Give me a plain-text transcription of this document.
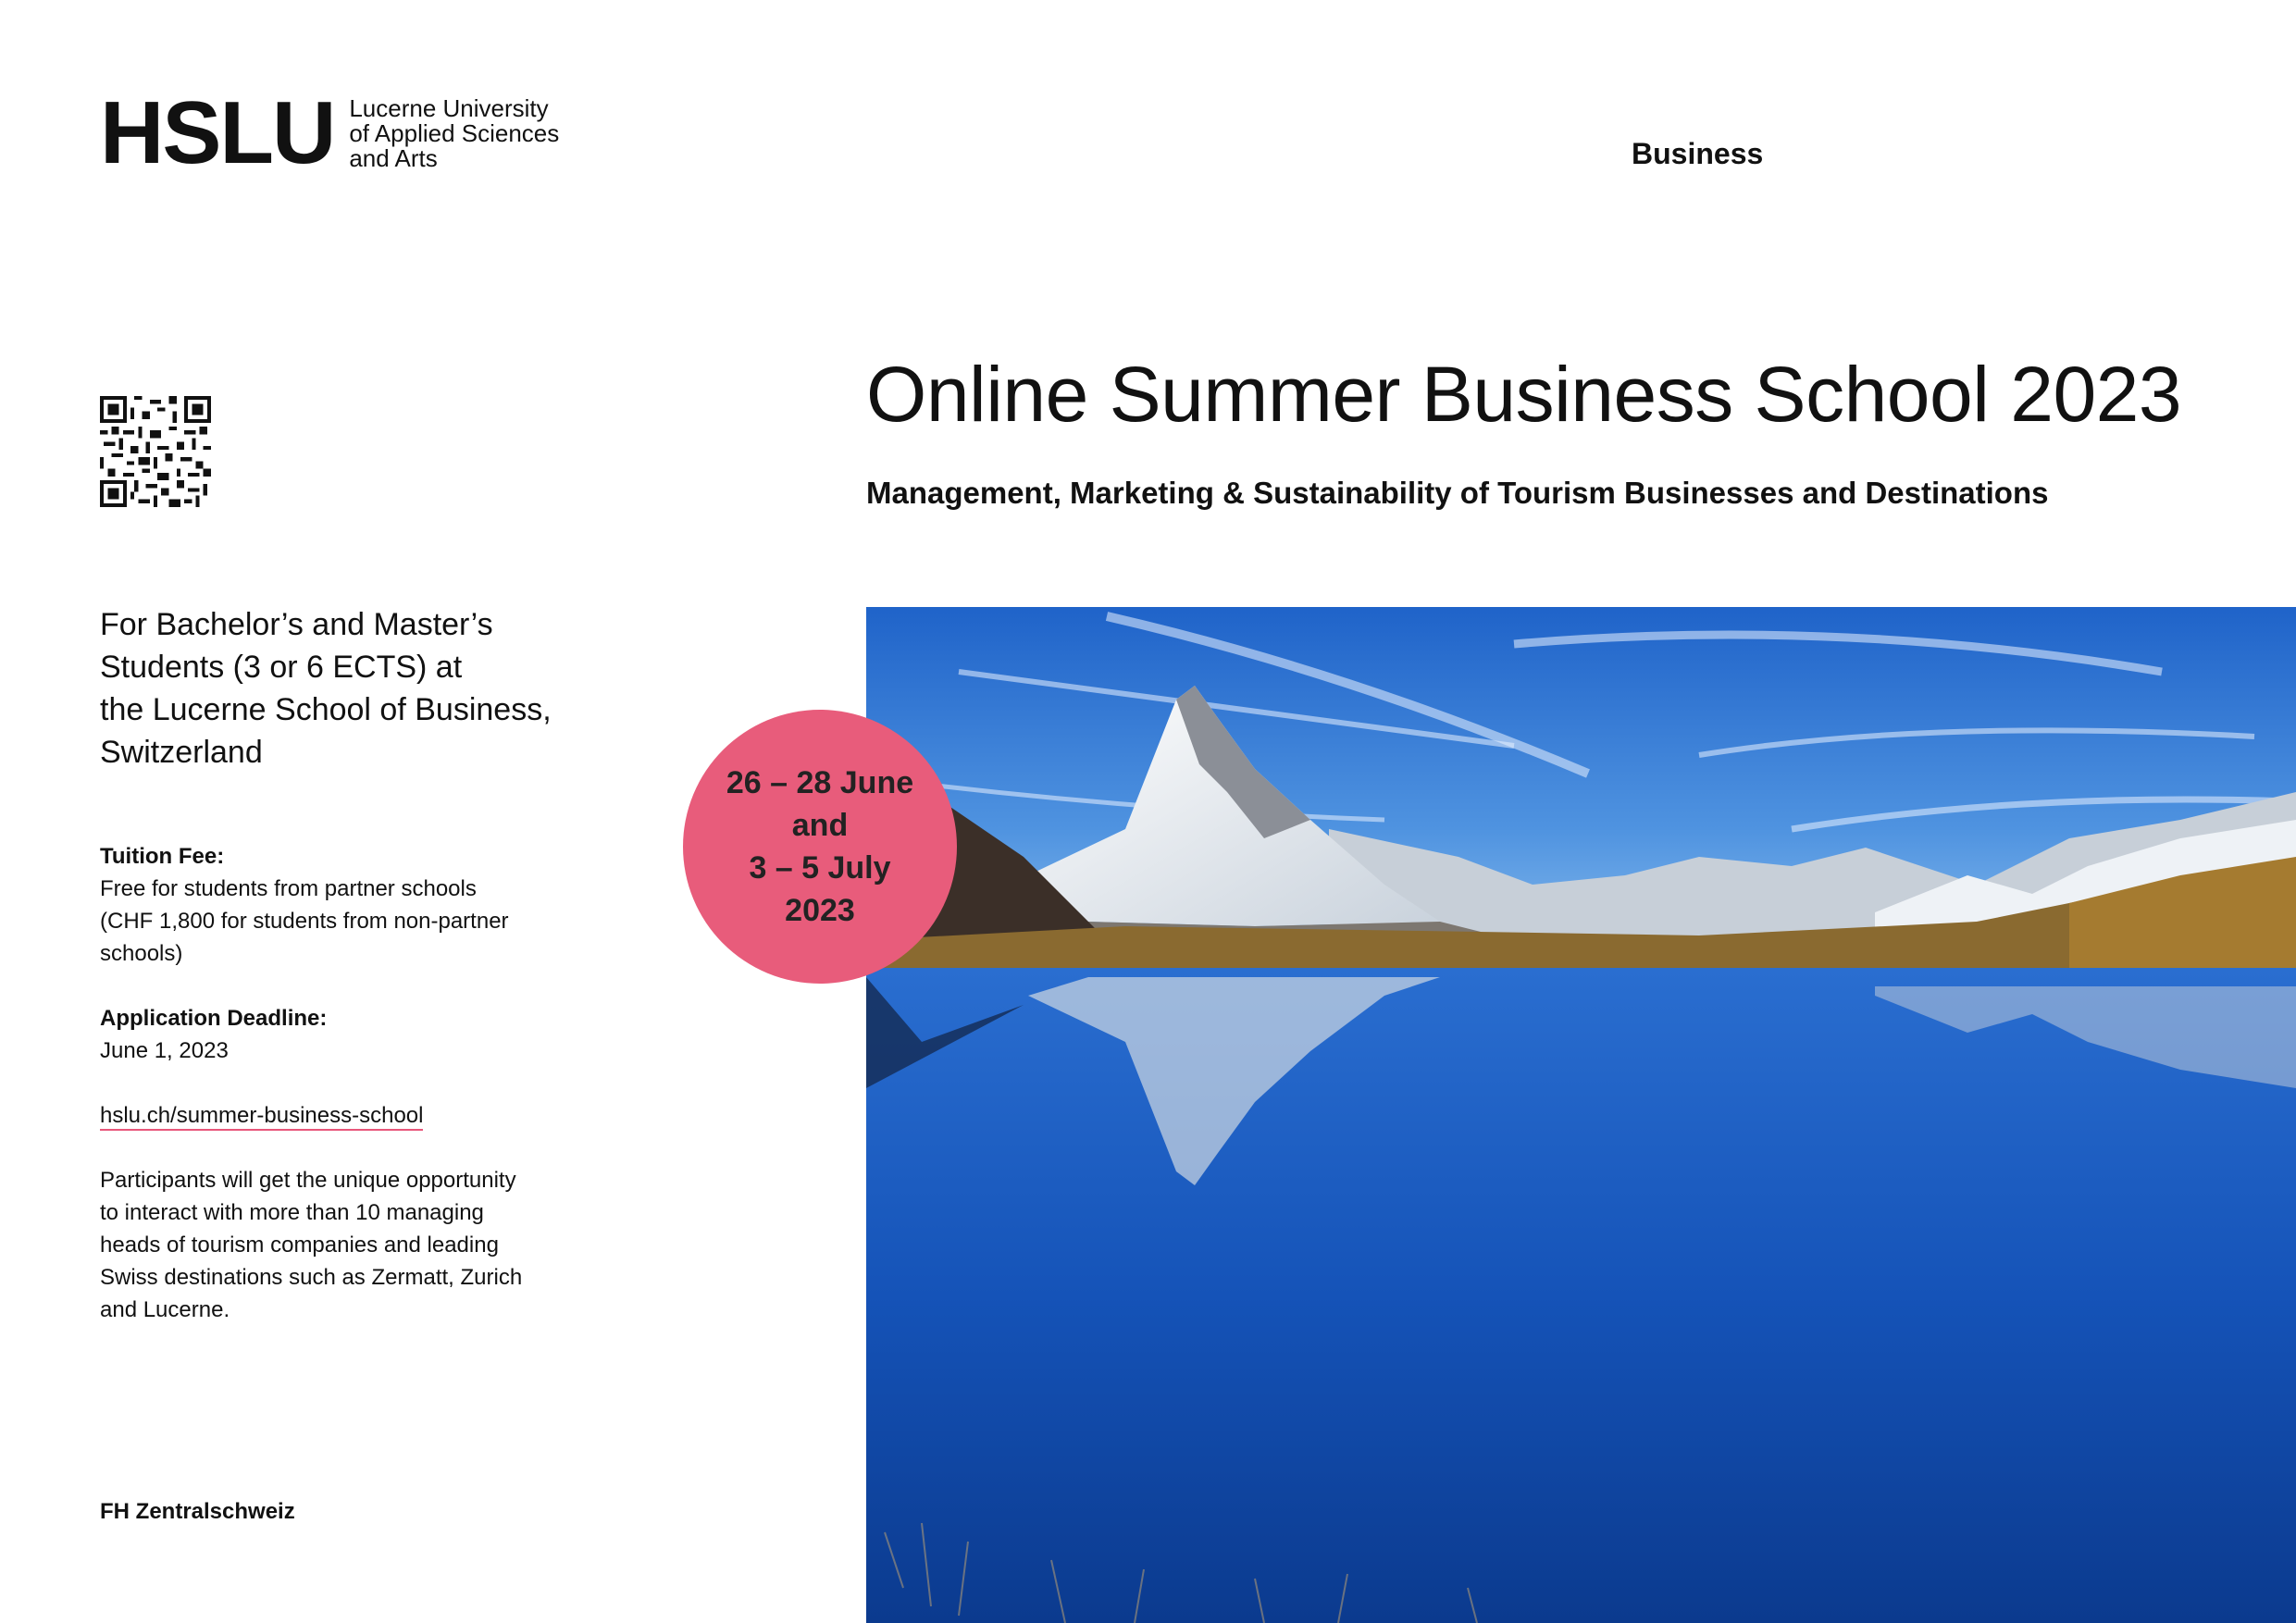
HSLU Lucerne University
of Applied Sciences
and Arts	Business
Online Summer Business School 2023
Management, Marketing & Sustainability of Tourism Businesses and Destinations
For Bachelor’s and Master’s
Students (3 or 6 ECTS) at
the Lucerne School of Business,
Switzerland
Tuition Fee:
Free for students from partner schools
(CHF 1,800 for students from non-partner
schools)
Application Deadline:
June 1, 2023
hslu.ch/summer-business-school
Participants will get the unique opportunity
to interact with more than 10 managing
heads of tourism companies and leading
Swiss destinations such as Zermatt, Zurich
and Lucerne.
FH Zentralschweiz
26 – 28 June
and
3 – 5 July
2023
